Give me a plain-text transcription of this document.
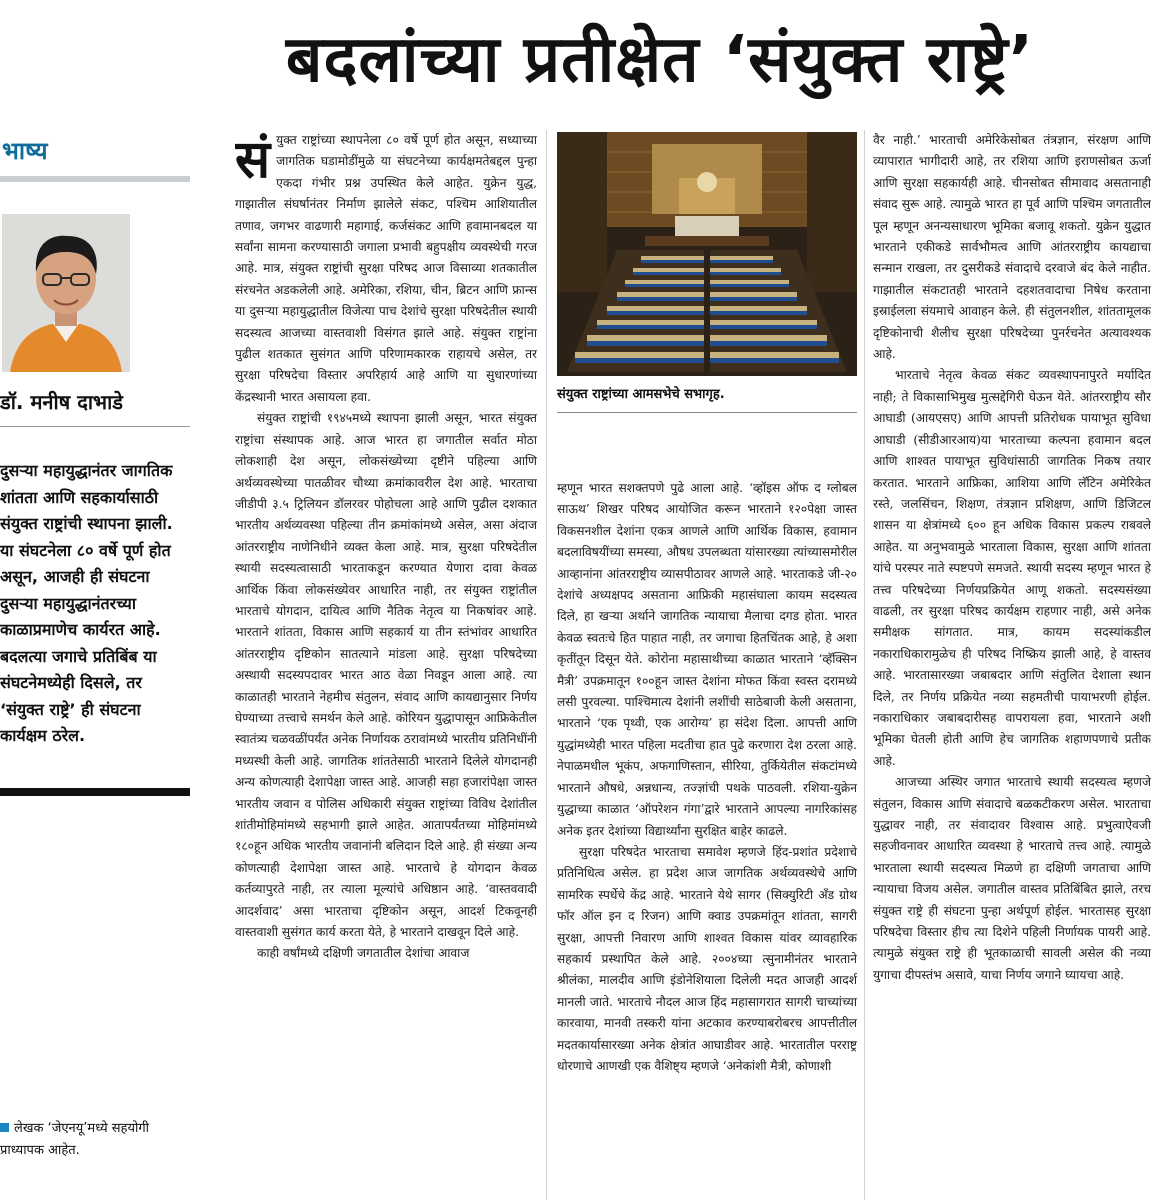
बदलांच्या प्रतीक्षेत ‘संयुक्त राष्ट्रे’
भाष्य
डॉ. मनीष दाभाडे
दुसऱ्या महायुद्धानंतर जागतिक शांतता आणि सहकार्यासाठी संयुक्त राष्ट्रांची स्थापना झाली. या संघटनेला ८० वर्षे पूर्ण होत असून, आजही ही संघटना दुसऱ्या महायुद्धानंतरच्या काळाप्रमाणेच कार्यरत आहे. बदलत्या जगाचे प्रतिबिंब या संघटनेमध्येही दिसले, तर ‘संयुक्त राष्ट्रे’ ही संघटना कार्यक्षम ठरेल.
लेखक ‘जेएनयू’मध्ये सहयोगी प्राध्यापक आहेत.

संयुक्त राष्ट्रांच्या स्थापनेला ८० वर्षे पूर्ण होत असून, सध्याच्या जागतिक घडामोडींमुळे या संघटनेच्या कार्यक्षमतेबद्दल पुन्हा एकदा गंभीर प्रश्न उपस्थित केले आहेत. युक्रेन युद्ध, गाझातील संघर्षानंतर निर्माण झालेले संकट, पश्चिम आशियातील तणाव, जगभर वाढणारी महागाई, कर्जसंकट आणि हवामानबदल या सर्वांना सामना करण्यासाठी जगाला प्रभावी बहुपक्षीय व्यवस्थेची गरज आहे. मात्र, संयुक्त राष्ट्रांची सुरक्षा परिषद आज विसाव्या शतकातील संरचनेत अडकलेली आहे. अमेरिका, रशिया, चीन, ब्रिटन आणि फ्रान्स या दुसऱ्या महायुद्धातील विजेत्या पाच देशांचे सुरक्षा परिषदेतील स्थायी सदस्यत्व आजच्या वास्तवाशी विसंगत झाले आहे. संयुक्त राष्ट्रांना पुढील शतकात सुसंगत आणि परिणामकारक राहायचे असेल, तर सुरक्षा परिषदेचा विस्तार अपरिहार्य आहे आणि या सुधारणांच्या केंद्रस्थानी भारत असायला हवा.

संयुक्त राष्ट्रांची १९४५मध्ये स्थापना झाली असून, भारत संयुक्त राष्ट्रांचा संस्थापक आहे. आज भारत हा जगातील सर्वात मोठा लोकशाही देश असून, लोकसंख्येच्या दृष्टीने पहिल्या आणि अर्थव्यवस्थेच्या पातळीवर चौथ्या क्रमांकावरील देश आहे. भारताचा जीडीपी ३.५ ट्रिलियन डॉलरवर पोहोचला आहे आणि पुढील दशकात भारतीय अर्थव्यवस्था पहिल्या तीन क्रमांकांमध्ये असेल, असा अंदाज आंतरराष्ट्रीय नाणेनिधीने व्यक्त केला आहे. मात्र, सुरक्षा परिषदेतील स्थायी सदस्यत्वासाठी भारताकडून करण्यात येणारा दावा केवळ आर्थिक किंवा लोकसंख्येवर आधारित नाही, तर संयुक्त राष्ट्रांतील भारताचे योगदान, दायित्व आणि नैतिक नेतृत्व या निकषांवर आहे. भारताने शांतता, विकास आणि सहकार्य या तीन स्तंभांवर आधारित आंतरराष्ट्रीय दृष्टिकोन सातत्याने मांडला आहे. सुरक्षा परिषदेच्या अस्थायी सदस्यपदावर भारत आठ वेळा निवडून आला आहे. त्या काळातही भारताने नेहमीच संतुलन, संवाद आणि कायद्यानुसार निर्णय घेण्याच्या तत्त्वाचे समर्थन केले आहे. कोरियन युद्धापासून आफ्रिकेतील स्वातंत्र्य चळवळींपर्यंत अनेक निर्णायक ठरावांमध्ये भारतीय प्रतिनिधींनी मध्यस्थी केली आहे. जागतिक शांततेसाठी भारताने दिलेले योगदानही अन्य कोणत्याही देशापेक्षा जास्त आहे. आजही सहा हजारांपेक्षा जास्त भारतीय जवान व पोलिस अधिकारी संयुक्त राष्ट्रांच्या विविध देशांतील शांतीमोहिमांमध्ये सहभागी झाले आहेत. आतापर्यंतच्या मोहिमांमध्ये १८०हून अधिक भारतीय जवानांनी बलिदान दिले आहे. ही संख्या अन्य कोणत्याही देशापेक्षा जास्त आहे. भारताचे हे योगदान केवळ कर्तव्यापुरते नाही, तर त्याला मूल्यांचे अधिष्ठान आहे. ‘वास्तववादी आदर्शवाद’ असा भारताचा दृष्टिकोन असून, आदर्श टिकवूनही वास्तवाशी सुसंगत कार्य करता येते, हे भारताने दाखवून दिले आहे.

काही वर्षांमध्ये दक्षिणी जगतातील देशांचा आवाज

संयुक्त राष्ट्रांच्या आमसभेचे सभागृह.

म्हणून भारत सशक्तपणे पुढे आला आहे. ‘व्हॉइस ऑफ द ग्लोबल साऊथ’ शिखर परिषद आयोजित करून भारताने १२०पेक्षा जास्त विकसनशील देशांना एकत्र आणले आणि आर्थिक विकास, हवामान बदलाविषयींच्या समस्या, औषध उपलब्धता यांसारख्या त्यांच्यासमोरील आव्हानांना आंतरराष्ट्रीय व्यासपीठावर आणले आहे. भारताकडे जी-२० देशांचे अध्यक्षपद असताना आफ्रिकी महासंघाला कायम सदस्यत्व दिले, हा खऱ्या अर्थाने जागतिक न्यायाचा मैलाचा दगड होता. भारत केवळ स्वतःचे हित पाहात नाही, तर जगाचा हितचिंतक आहे, हे अशा कृतींतून दिसून येते. कोरोना महासाथीच्या काळात भारताने ‘व्हॅक्सिन मैत्री’ उपक्रमातून १००हून जास्त देशांना मोफत किंवा स्वस्त दरामध्ये लसी पुरवल्या. पाश्चिमात्य देशांनी लशींची साठेबाजी केली असताना, भारताने ‘एक पृथ्वी, एक आरोग्य’ हा संदेश दिला. आपत्ती आणि युद्धांमध्येही भारत पहिला मदतीचा हात पुढे करणारा देश ठरला आहे. नेपाळमधील भूकंप, अफगाणिस्तान, सीरिया, तुर्कियेतील संकटांमध्ये भारताने औषधे, अन्नधान्य, तज्ज्ञांची पथके पाठवली. रशिया-युक्रेन युद्धाच्या काळात ‘ऑपरेशन गंगा’द्वारे भारताने आपल्या नागरिकांसह अनेक इतर देशांच्या विद्यार्थ्यांना सुरक्षित बाहेर काढले.

सुरक्षा परिषदेत भारताचा समावेश म्हणजे हिंद-प्रशांत प्रदेशाचे प्रतिनिधित्व असेल. हा प्रदेश आज जागतिक अर्थव्यवस्थेचे आणि सामरिक स्पर्धेचे केंद्र आहे. भारताने येथे सागर (सिक्युरिटी अँड ग्रोथ फॉर ऑल इन द रिजन) आणि क्वाड उपक्रमांतून शांतता, सागरी सुरक्षा, आपत्ती निवारण आणि शाश्वत विकास यांवर व्यावहारिक सहकार्य प्रस्थापित केले आहे. २००४च्या त्सुनामीनंतर भारताने श्रीलंका, मालदीव आणि इंडोनेशियाला दिलेली मदत आजही आदर्श मानली जाते. भारताचे नौदल आज हिंद महासागरात सागरी चाच्यांच्या कारवाया, मानवी तस्करी यांना अटकाव करण्याबरोबरच आपत्तीतील मदतकार्यासारख्या अनेक क्षेत्रांत आघाडीवर आहे. भारतातील परराष्ट्र धोरणाचे आणखी एक वैशिष्ट्य म्हणजे ‘अनेकांशी मैत्री, कोणाशी

वैर नाही.’ भारताची अमेरिकेसोबत तंत्रज्ञान, संरक्षण आणि व्यापारात भागीदारी आहे, तर रशिया आणि इराणसोबत ऊर्जा आणि सुरक्षा सहकार्यही आहे. चीनसोबत सीमावाद असतानाही संवाद सुरू आहे. त्यामुळे भारत हा पूर्व आणि पश्चिम जगतातील पूल म्हणून अनन्यसाधारण भूमिका बजावू शकतो. युक्रेन युद्धात भारताने एकीकडे सार्वभौमत्व आणि आंतरराष्ट्रीय कायद्याचा सन्मान राखला, तर दुसरीकडे संवादाचे दरवाजे बंद केले नाहीत. गाझातील संकटातही भारताने दहशतवादाचा निषेध करताना इस्राईलला संयमाचे आवाहन केले. ही संतुलनशील, शांततामूलक दृष्टिकोनाची शैलीच सुरक्षा परिषदेच्या पुनर्रचनेत अत्यावश्यक आहे.

भारताचे नेतृत्व केवळ संकट व्यवस्थापनापुरते मर्यादित नाही; ते विकासाभिमुख मुत्सद्देगिरी घेऊन येते. आंतरराष्ट्रीय सौर आघाडी (आयएसए) आणि आपत्ती प्रतिरोधक पायाभूत सुविधा आघाडी (सीडीआरआय)या भारताच्या कल्पना हवामान बदल आणि शाश्वत पायाभूत सुविधांसाठी जागतिक निकष तयार करतात. भारताने आफ्रिका, आशिया आणि लॅटिन अमेरिकेत रस्ते, जलसिंचन, शिक्षण, तंत्रज्ञान प्रशिक्षण, आणि डिजिटल शासन या क्षेत्रांमध्ये ६०० हून अधिक विकास प्रकल्प राबवले आहेत. या अनुभवामुळे भारताला विकास, सुरक्षा आणि शांतता यांचे परस्पर नाते स्पष्टपणे समजते. स्थायी सदस्य म्हणून भारत हे तत्त्व परिषदेच्या निर्णयप्रक्रियेत आणू शकतो. सदस्यसंख्या वाढली, तर सुरक्षा परिषद कार्यक्षम राहणार नाही, असे अनेक समीक्षक सांगतात. मात्र, कायम सदस्यांकडील नकाराधिकारामुळेच ही परिषद निष्क्रिय झाली आहे, हे वास्तव आहे. भारतासारख्या जबाबदार आणि संतुलित देशाला स्थान दिले, तर निर्णय प्रक्रियेत नव्या सहमतीची पायाभरणी होईल. नकाराधिकार जबाबदारीसह वापरायला हवा, भारताने अशी भूमिका घेतली होती आणि हेच जागतिक शहाणपणाचे प्रतीक आहे.

आजच्या अस्थिर जगात भारताचे स्थायी सदस्यत्व म्हणजे संतुलन, विकास आणि संवादाचे बळकटीकरण असेल. भारताचा युद्धावर नाही, तर संवादावर विश्वास आहे. प्रभुत्वाऐवजी सहजीवनावर आधारित व्यवस्था हे भारताचे तत्त्व आहे. त्यामुळे भारताला स्थायी सदस्यत्व मिळणे हा दक्षिणी जगताचा आणि न्यायाचा विजय असेल. जगातील वास्तव प्रतिबिंबित झाले, तरच संयुक्त राष्ट्रे ही संघटना पुन्हा अर्थपूर्ण होईल. भारतासह सुरक्षा परिषदेचा विस्तार हीच त्या दिशेने पहिली निर्णायक पायरी आहे. त्यामुळे संयुक्त राष्ट्रे ही भूतकाळाची सावली असेल की नव्या युगाचा दीपस्तंभ असावे, याचा निर्णय जगाने घ्यायचा आहे.
